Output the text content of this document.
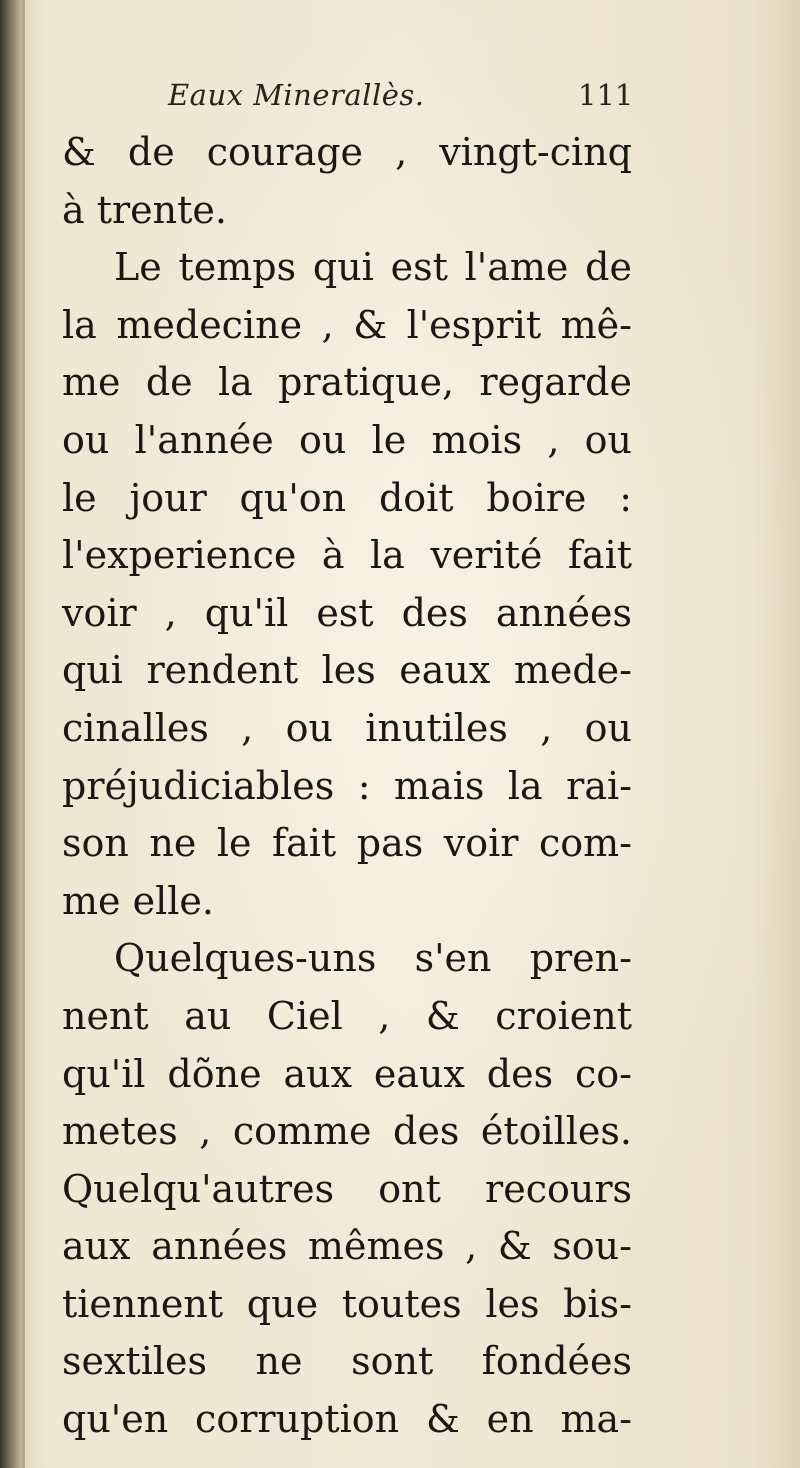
Eaux Minerallès.	111
& de courage , vingt-cinq
à trente.
Le temps qui est l'ame de
la medecine , & l'esprit mê-
me de la pratique, regarde
ou l'année ou le mois , ou
le jour qu'on doit boire :
l'experience à la verité fait
voir , qu'il est des années
qui rendent les eaux mede-
cinalles , ou inutiles , ou
préjudiciables : mais la rai-
son ne le fait pas voir com-
me elle.
Quelques-uns s'en pren-
nent au Ciel , & croient
qu'il dõne aux eaux des co-
metes , comme des étoilles.
Quelqu'autres ont recours
aux années mêmes , & sou-
tiennent que toutes les bis-
sextiles ne sont fondées
qu'en corruption & en ma-
